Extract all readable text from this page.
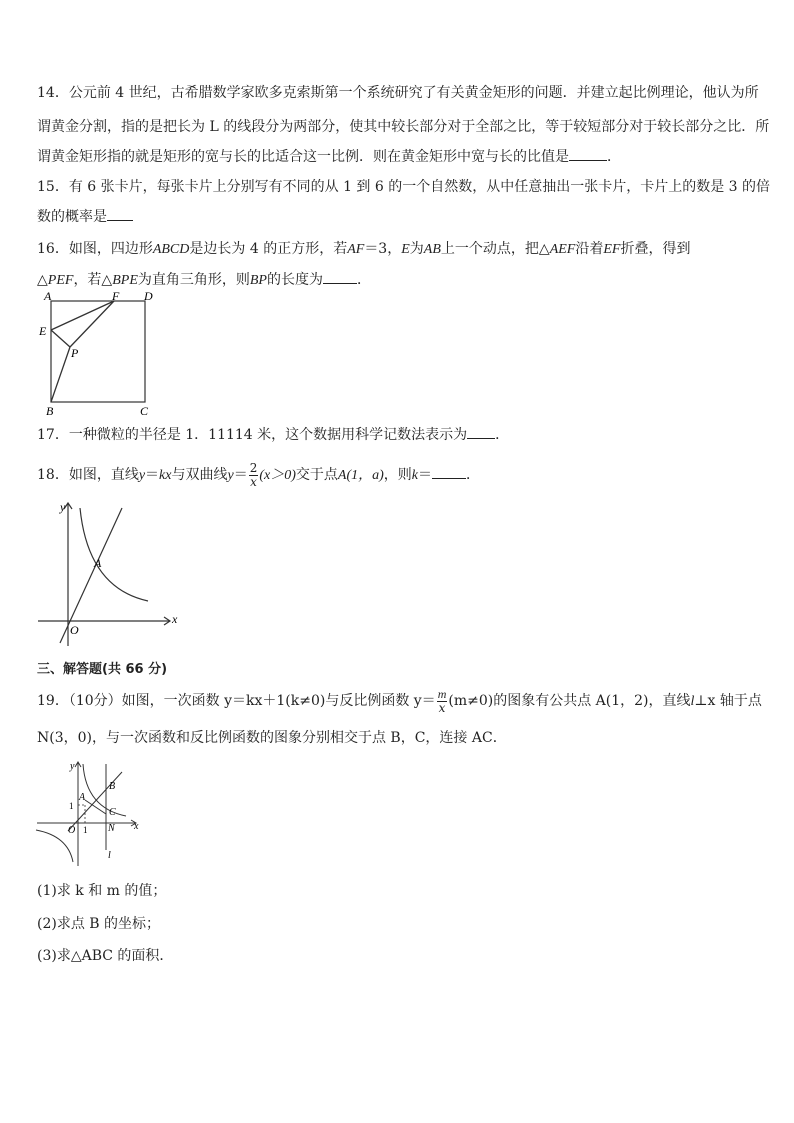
14．公元前 4 世纪，古希腊数学家欧多克索斯第一个系统研究了有关黄金矩形的问题．并建立起比例理论，他认为所
谓黄金分割，指的是把长为 L 的线段分为两部分，使其中较长部分对于全部之比，等于较短部分对于较长部分之比．所
谓黄金矩形指的就是矩形的宽与长的比适合这一比例．则在黄金矩形中宽与长的比值是	．
15．有 6 张卡片，每张卡片上分别写有不同的从 1 到 6 的一个自然数，从中任意抽出一张卡片，卡片上的数是 3 的倍
数的概率是
16．如图，四边形ABCD是边长为 4 的正方形，若AF＝3，E为AB上一个动点，把△AEF沿着EF折叠，得到
△PEF，若△BPE为直角三角形，则BP的长度为 ．
A	F D
E
P
B	C
17．一种微粒的半径是 1．11114 米，这个数据用科学记数法表示为 ．
18．如图，直线y＝kx与双曲线$y= \frac{2}{x} (x>0)$交于点A(1，a)，则k＝ ．
y
x
A
O
三、解答题(共 66 分)
19．（10分）如图，一次函数 y＝kx＋1(k≠0)与反比例函数 $y= \frac{m}{x} (m\ne 0)$的图象有公共点 A(1，2)，直线l⊥x 轴于点
N(3，0)，与一次函数和反比例函数的图象分别相交于点 B，C，连接 AC．
y
x
O 1
1
A
B
C
N
l
(1)求 k 和 m 的值；
(2)求点 B 的坐标；
(3)求△ABC 的面积．
